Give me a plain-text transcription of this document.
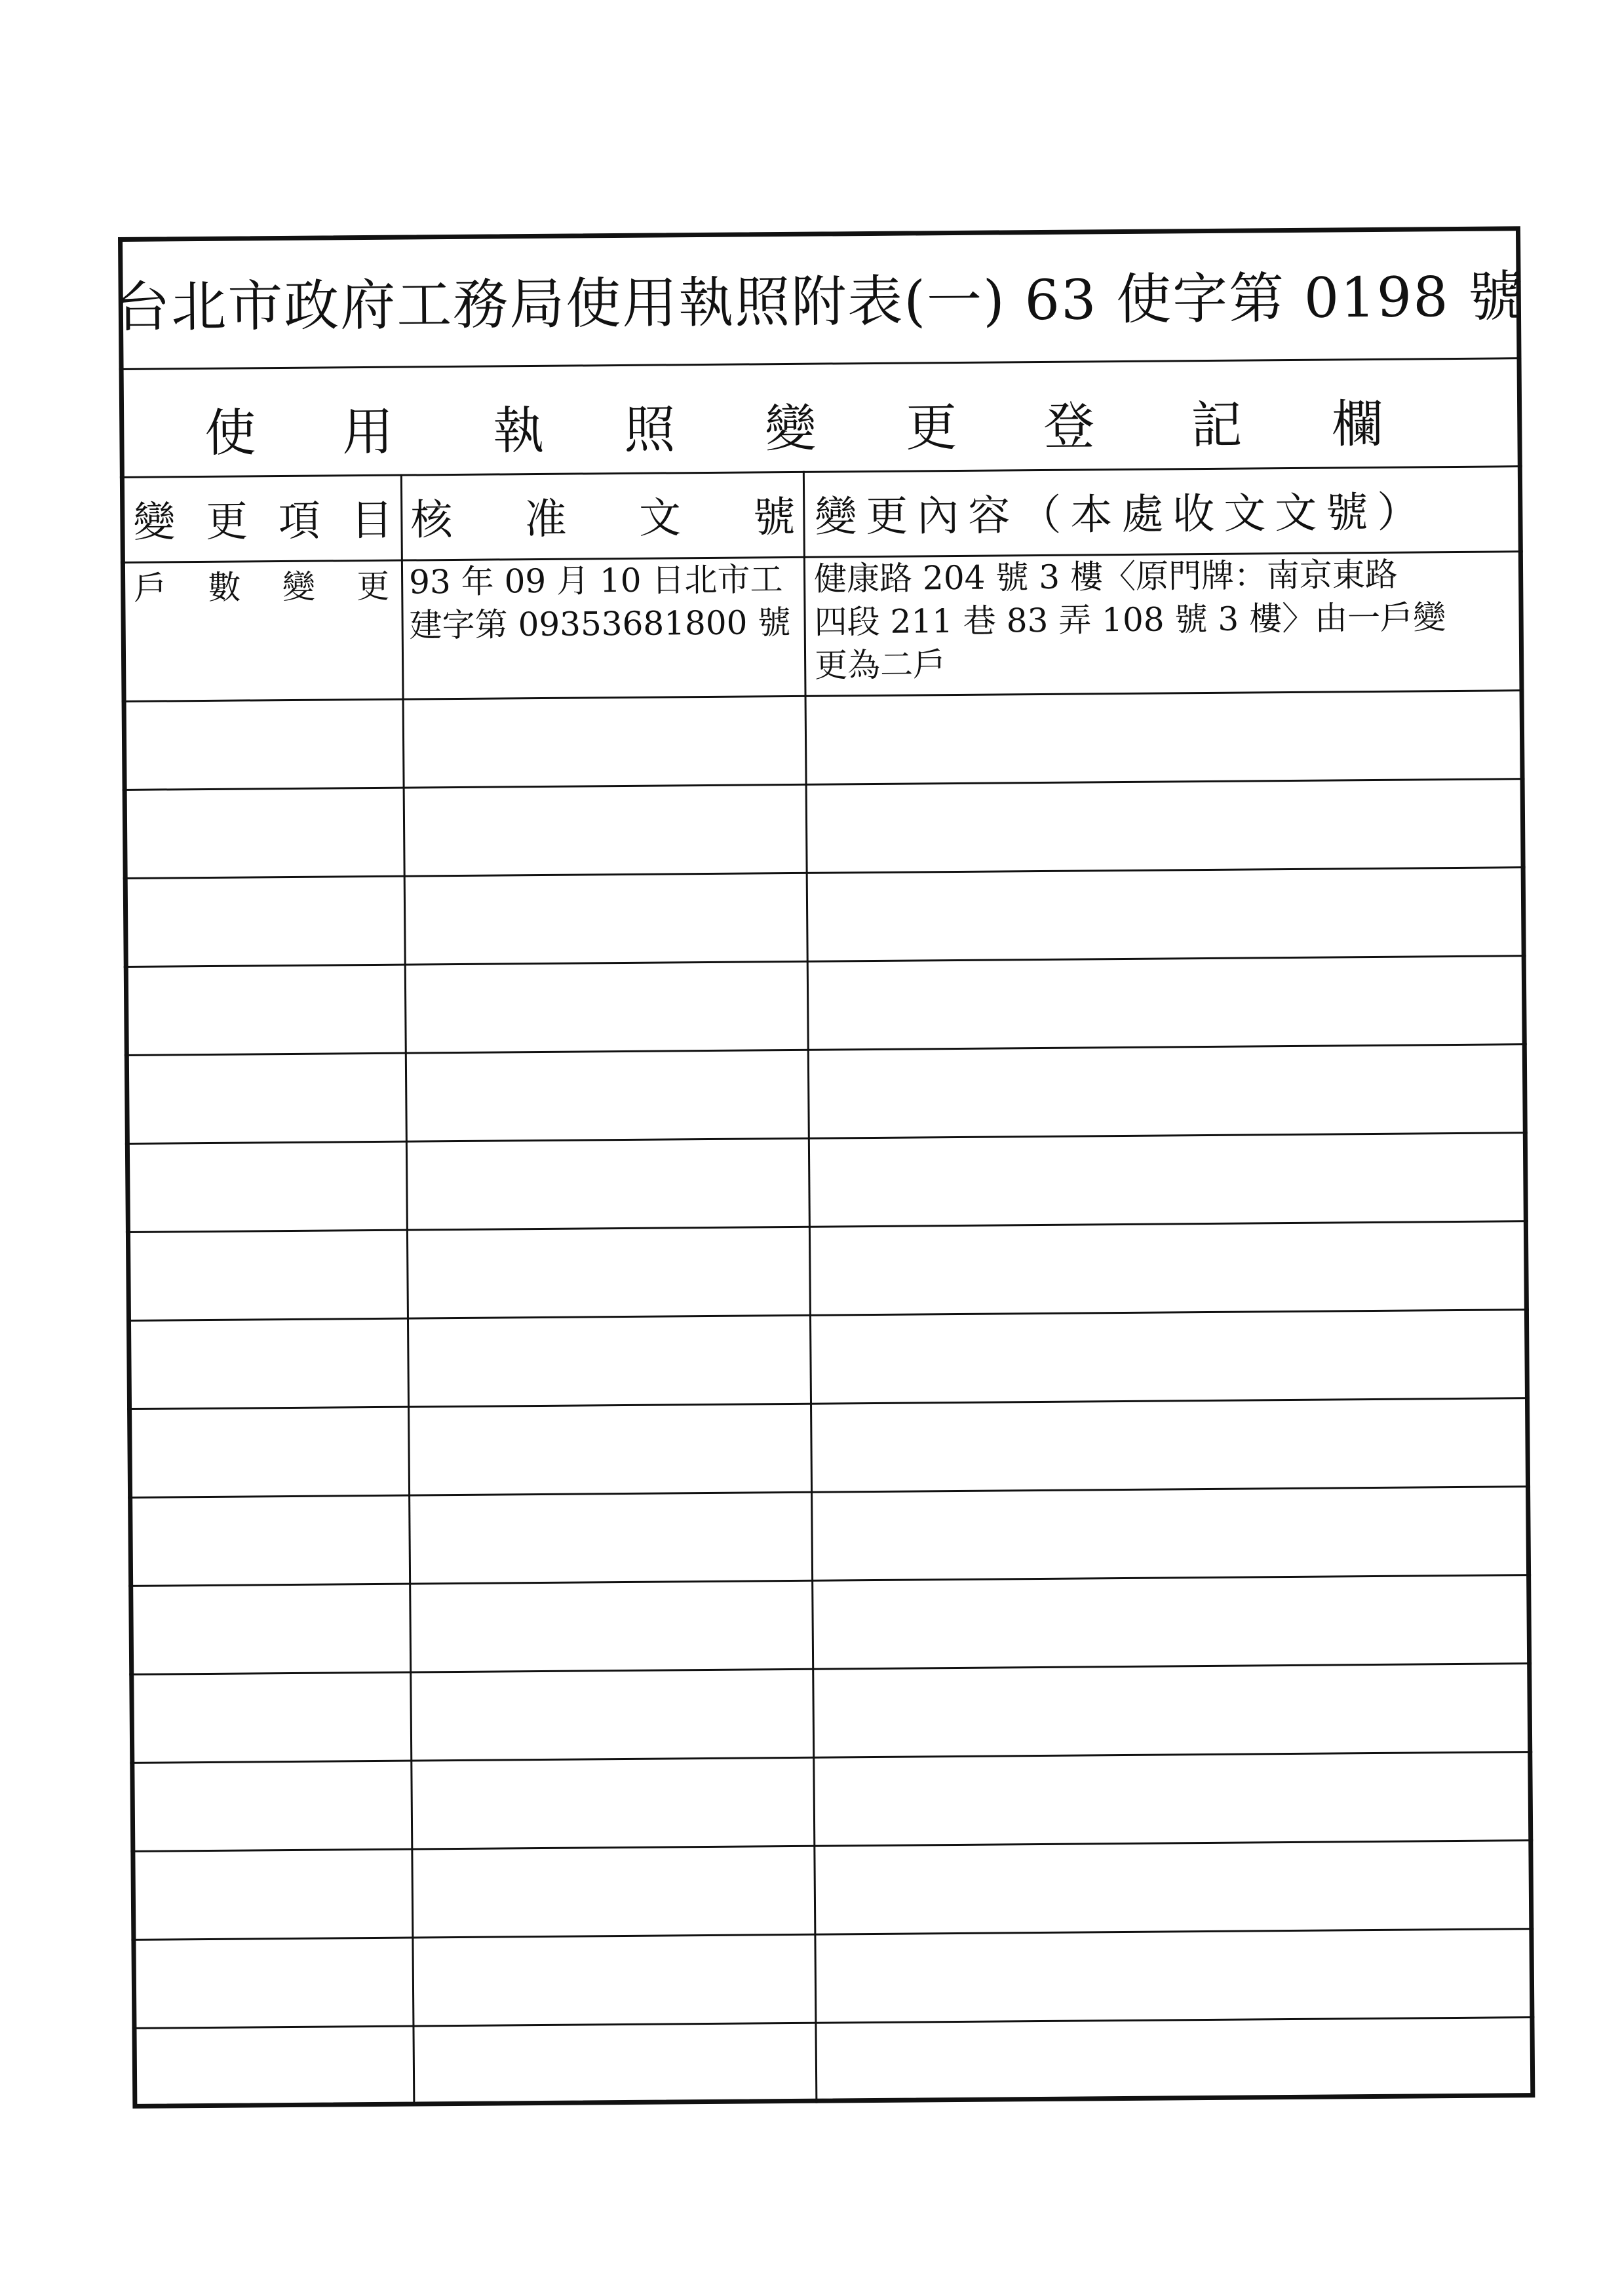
台北市政府工務局使用執照附表(一) 63 使字第 0198 號
使 用 執 照 變 更 登 記 欄
變 更 項 目 核 准 文 號 變更內容（本處收文文號）
戶 數 變 更 93 年 09 月 10 日北市工
建字第 09353681800 號
健康路 204 號 3 樓〈原門牌：南京東路
四段 211 巷 83 弄 108 號 3 樓〉由一戶變
更為二戶
